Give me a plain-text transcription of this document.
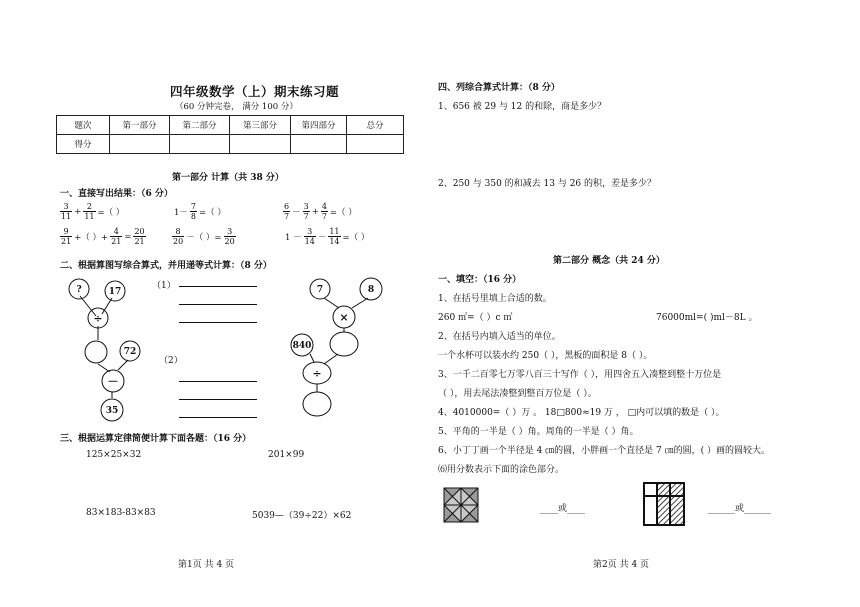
四年级数学（上）期末练习题
（60 分钟完卷， 满分 100 分）
题次	第一部分	第二部分	第三部分	第四部分	总分
得分					
第一部分 计算（共 38 分）
一、直接写出结果：（6 分）
$\frac{3}{11} + \frac{2}{11}$ =（ ）	$1- \frac{7}{8}$ =（ ）	$\frac{6}{7} - \frac{3}{7} + \frac{4}{7}$ =（ ）
$\frac{9}{21}$ +（ ）+ $\frac{4}{21} = \frac{20}{21}$	$\frac{8}{20}$ －（ ）= $\frac{3}{20}$	$1 - \frac{3}{14} - \frac{11}{14}$ =（ ）
二、根据算图写综合算式，并用递等式计算：（8 分）
?	17
÷
72
－
35
（1）
（2）
7	8
×
840
÷
三、根据运算定律简便计算下面各题：（16 分）
125×25×32	201×99
83×183-83×83	5039—（39÷22）×62
第1页 共 4 页
四、列综合算式计算：（8 分）
1、656 被 29 与 12 的和除，商是多少？
2、250 与 350 的和减去 13 与 26 的积，差是多少？
第二部分 概念（共 24 分）
一、填空：（16 分）
1、在括号里填上合适的数。
260 ㎡=（ ）c ㎡	76000ml=( )ml－8L 。
2、在括号内填入适当的单位。
一个水杯可以装水约 250（ ），黑板的面积是 8（ ）。
3、一千二百零七万零八百三十写作（ ），用四舍五入凑整到整十万位是
（ ），用去尾法凑整到整百万位是（ ）。
4、4010000=（ ）万 。 18□800≈19 万 ， □内可以填的数是（ ）。
5、平角的一半是（ ）角。周角的一半是（ ）角。
6、小丁丁画一个半径是 4 ㎝的圆，小胖画一个直径是 7 ㎝的圆，( ）画的圆较大。
⑹用分数表示下面的涂色部分。
____或____	______或______
第2页 共 4 页
